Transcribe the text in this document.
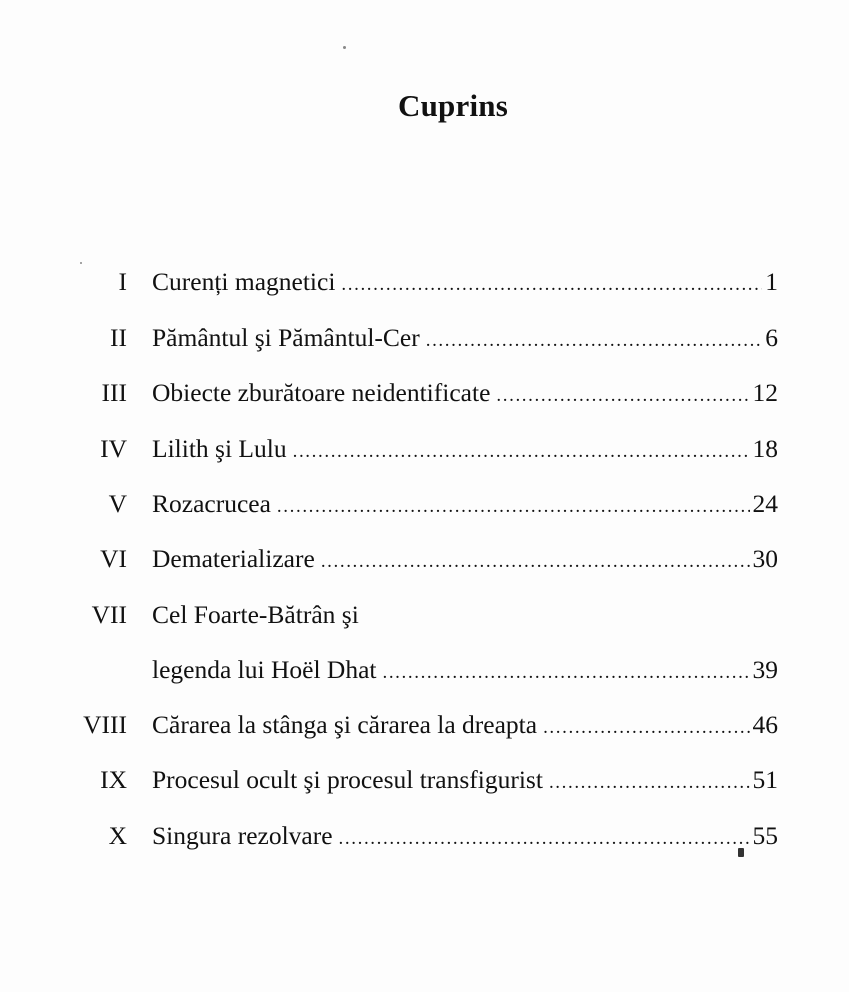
Cuprins
I Curenți magnetici .....	1
II Pământul şi Pământul-Cer .....	6
III Obiecte zburătoare neidentificate .....	12
IV Lilith şi Lulu .....	18
V Rozacrucea .....	24
VI Dematerializare .....	30
VII Cel Foarte-Bătrân şi
legenda lui Hoël Dhat .....	39
VIII Cărarea la stânga şi cărarea la dreapta .....	46
IX Procesul ocult şi procesul transfigurist .....	51
X Singura rezolvare .....	55
